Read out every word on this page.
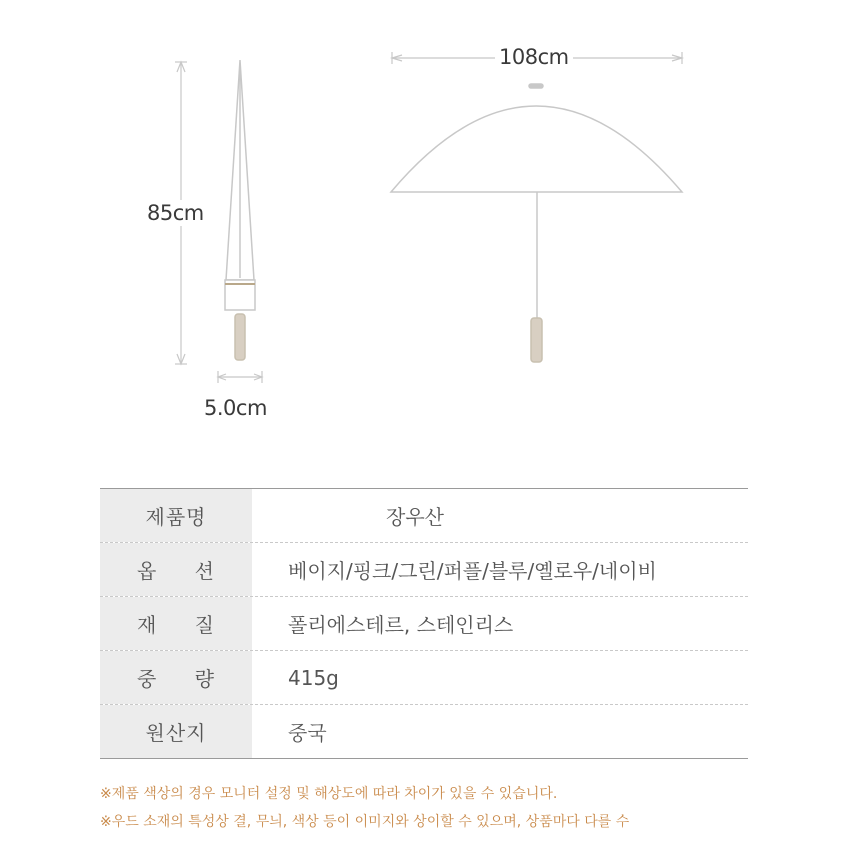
108cm
85cm
5.0cm
제품명	장우산
옵 션	베이지/핑크/그린/퍼플/블루/옐로우/네이비
재 질	폴리에스테르, 스테인리스
중 량	415g
원산지	중국
※제품 색상의 경우 모니터 설정 및 해상도에 따라 차이가 있을 수 있습니다.
※우드 소재의 특성상 결, 무늬, 색상 등이 이미지와 상이할 수 있으며, 상품마다 다를 수
